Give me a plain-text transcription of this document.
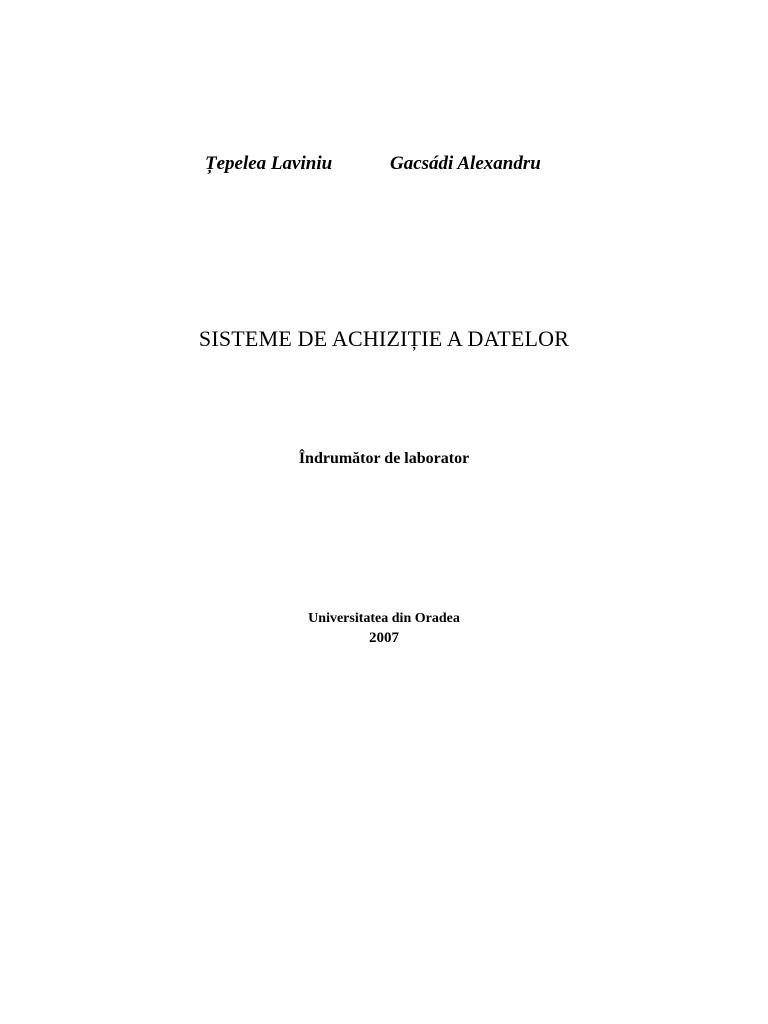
Țepelea Laviniu	Gacsádi Alexandru
SISTEME DE ACHIZIȚIE A DATELOR
Îndrumător de laborator
Universitatea din Oradea
2007
